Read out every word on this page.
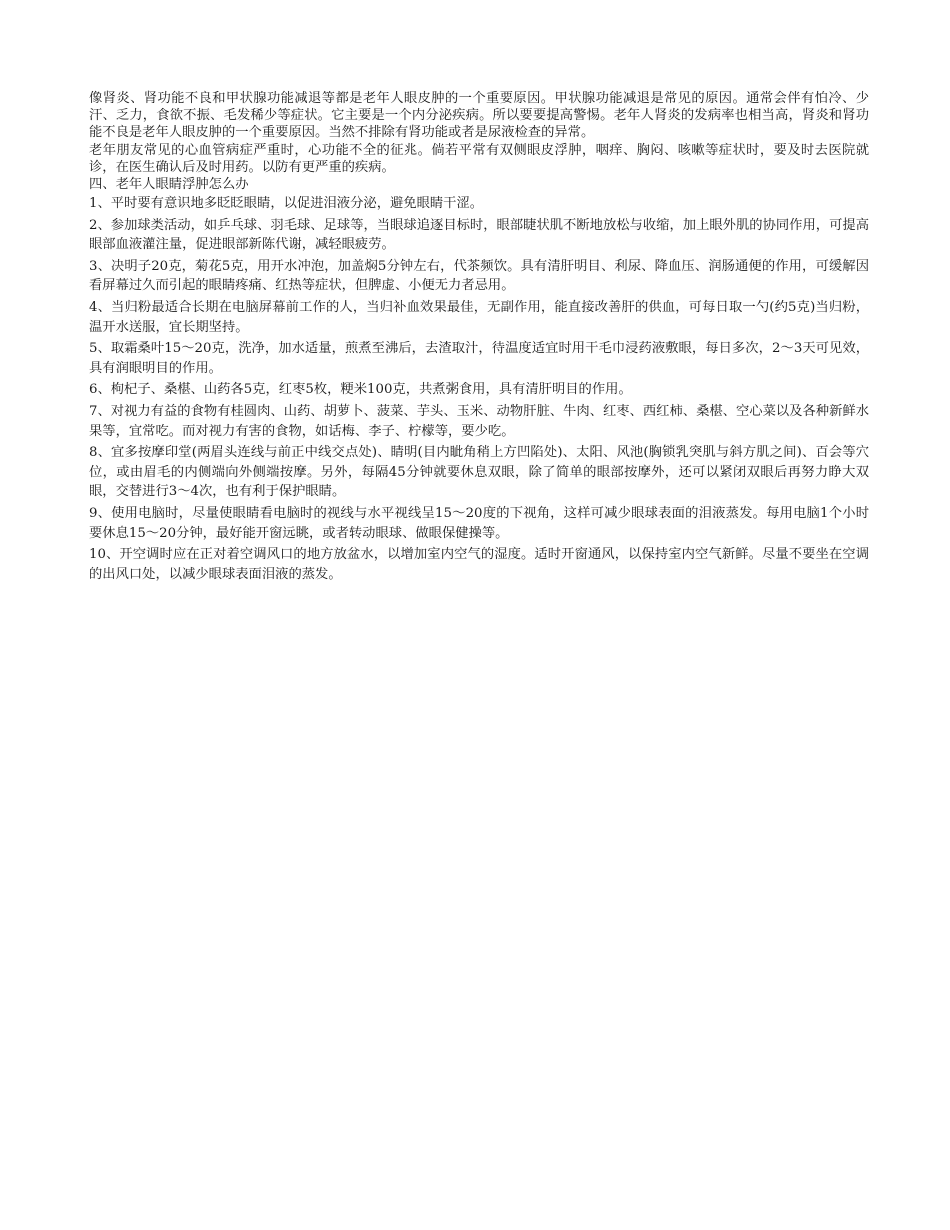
像肾炎、肾功能不良和甲状腺功能减退等都是老年人眼皮肿的一个重要原因。甲状腺功能减退是常见的原因。通常会伴有怕冷、少汗、乏力，食欲不振、毛发稀少等症状。它主要是一个内分泌疾病。所以要要提高警惕。老年人肾炎的发病率也相当高，肾炎和肾功能不良是老年人眼皮肿的一个重要原因。当然不排除有肾功能或者是尿液检查的异常。

老年朋友常见的心血管病症严重时，心功能不全的征兆。倘若平常有双侧眼皮浮肿，咽痒、胸闷、咳嗽等症状时，要及时去医院就诊，在医生确认后及时用药。以防有更严重的疾病。

四、老年人眼睛浮肿怎么办

1、平时要有意识地多眨眨眼睛，以促进泪液分泌，避免眼睛干涩。

2、参加球类活动，如乒乓球、羽毛球、足球等，当眼球追逐目标时，眼部睫状肌不断地放松与收缩，加上眼外肌的协同作用，可提高眼部血液灌注量，促进眼部新陈代谢，减轻眼疲劳。

3、决明子20克，菊花5克，用开水冲泡，加盖焖5分钟左右，代茶频饮。具有清肝明目、利尿、降血压、润肠通便的作用，可缓解因看屏幕过久而引起的眼睛疼痛、红热等症状，但脾虚、小便无力者忌用。

4、当归粉最适合长期在电脑屏幕前工作的人，当归补血效果最佳，无副作用，能直接改善肝的供血，可每日取一勺(约5克)当归粉，温开水送服，宜长期坚持。

5、取霜桑叶15～20克，洗净，加水适量，煎煮至沸后，去渣取汁，待温度适宜时用干毛巾浸药液敷眼，每日多次，2～3天可见效，具有润眼明目的作用。

6、枸杞子、桑椹、山药各5克，红枣5枚，粳米100克，共煮粥食用，具有清肝明目的作用。

7、对视力有益的食物有桂圆肉、山药、胡萝卜、菠菜、芋头、玉米、动物肝脏、牛肉、红枣、西红柿、桑椹、空心菜以及各种新鲜水果等，宜常吃。而对视力有害的食物，如话梅、李子、柠檬等，要少吃。

8、宜多按摩印堂(两眉头连线与前正中线交点处)、睛明(目内眦角稍上方凹陷处)、太阳、风池(胸锁乳突肌与斜方肌之间)、百会等穴位，或由眉毛的内侧端向外侧端按摩。另外，每隔45分钟就要休息双眼，除了简单的眼部按摩外，还可以紧闭双眼后再努力睁大双眼，交替进行3～4次，也有利于保护眼睛。

9、使用电脑时，尽量使眼睛看电脑时的视线与水平视线呈15～20度的下视角，这样可减少眼球表面的泪液蒸发。每用电脑1个小时要休息15～20分钟，最好能开窗远眺，或者转动眼球、做眼保健操等。

10、开空调时应在正对着空调风口的地方放盆水，以增加室内空气的湿度。适时开窗通风，以保持室内空气新鲜。尽量不要坐在空调的出风口处，以减少眼球表面泪液的蒸发。
